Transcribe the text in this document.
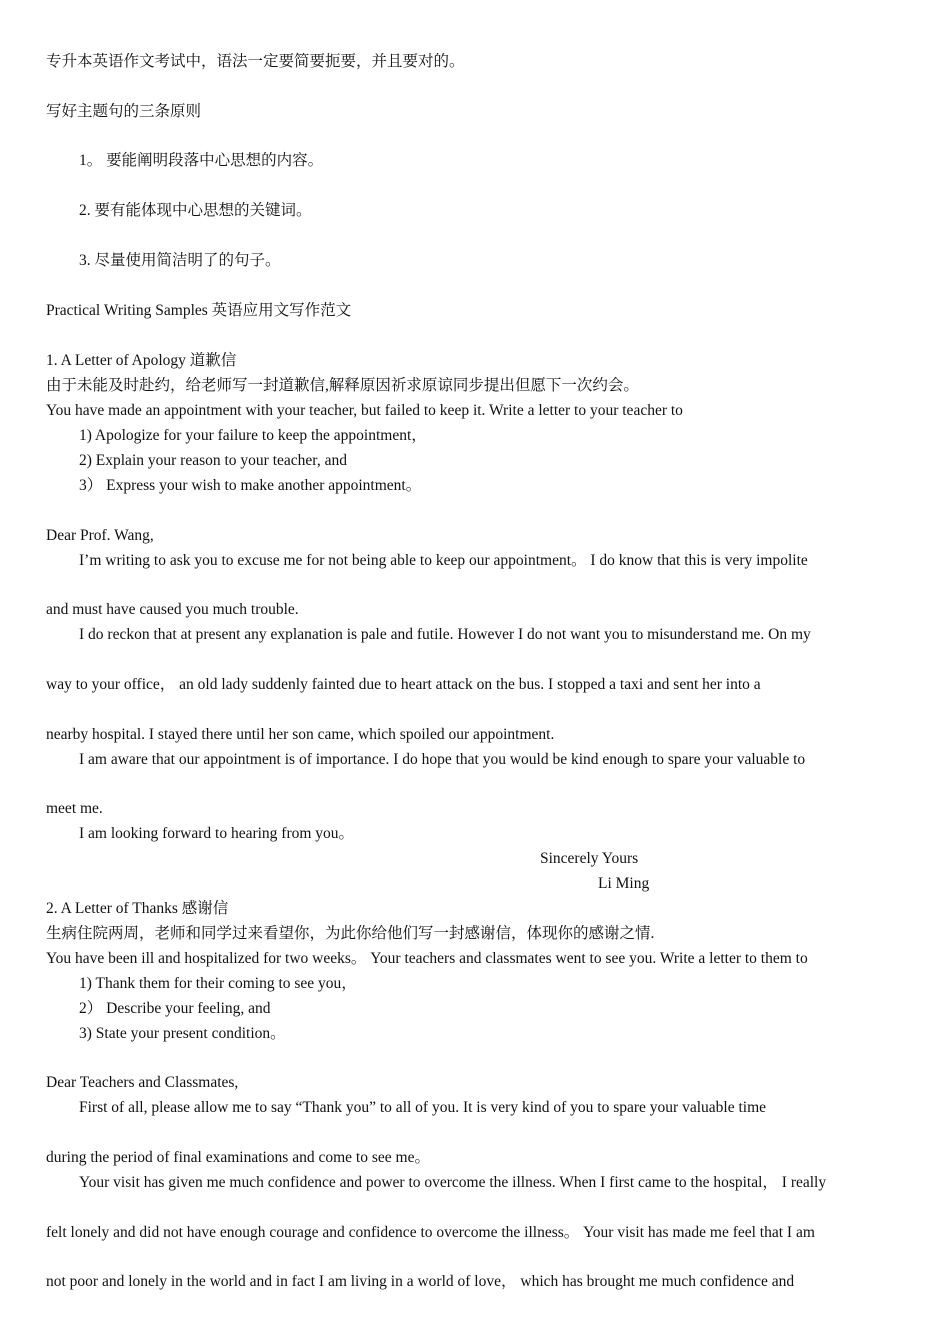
专升本英语作文考试中，语法一定要简要扼要，并且要对的。
写好主题句的三条原则
1。 要能阐明段落中心思想的内容。
2. 要有能体现中心思想的关键词。
3. 尽量使用简洁明了的句子。
Practical Writing Samples 英语应用文写作范文
1. A Letter of Apology 道歉信
由于未能及时赴约，给老师写一封道歉信,解释原因祈求原谅同步提出但愿下一次约会。
You have made an appointment with your teacher, but failed to keep it. Write a letter to your teacher to
1) Apologize for your failure to keep the appointment，
2) Explain your reason to your teacher, and
3） Express your wish to make another appointment。
Dear Prof. Wang,
I’m writing to ask you to excuse me for not being able to keep our appointment。 I do know that this is very impolite
and must have caused you much trouble.
I do reckon that at present any explanation is pale and futile. However I do not want you to misunderstand me. On my
way to your office， an old lady suddenly fainted due to heart attack on the bus. I stopped a taxi and sent her into a
nearby hospital. I stayed there until her son came, which spoiled our appointment.
I am aware that our appointment is of importance. I do hope that you would be kind enough to spare your valuable to
meet me.
I am looking forward to hearing from you。
Sincerely Yours
Li Ming
2. A Letter of Thanks 感谢信
生病住院两周，老师和同学过来看望你，为此你给他们写一封感谢信，体现你的感谢之情.
You have been ill and hospitalized for two weeks。 Your teachers and classmates went to see you. Write a letter to them to
1) Thank them for their coming to see you，
2） Describe your feeling, and
3) State your present condition。
Dear Teachers and Classmates,
First of all, please allow me to say “Thank you” to all of you. It is very kind of you to spare your valuable time
during the period of final examinations and come to see me。
Your visit has given me much confidence and power to overcome the illness. When I first came to the hospital， I really
felt lonely and did not have enough courage and confidence to overcome the illness。 Your visit has made me feel that I am
not poor and lonely in the world and in fact I am living in a world of love， which has brought me much confidence and
